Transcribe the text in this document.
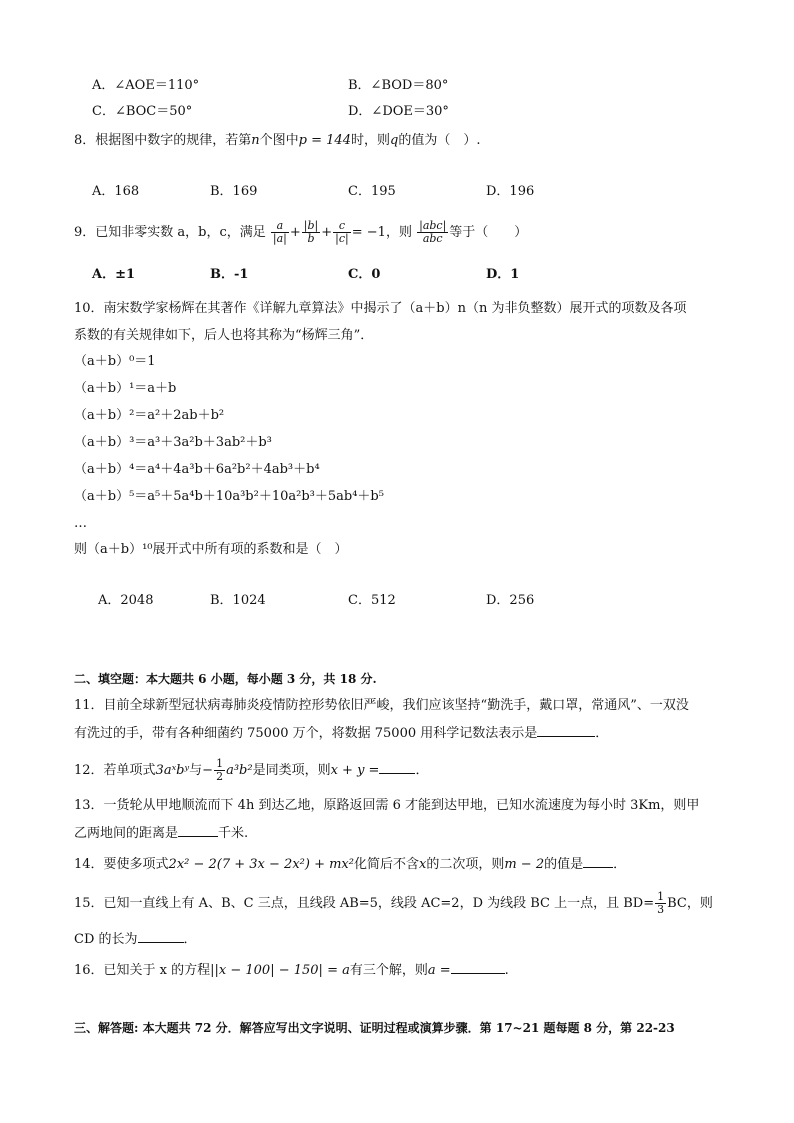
A．∠AOE＝110°	B．∠BOD＝80°
C．∠BOC＝50°	D．∠DOE＝30°
8．根据图中数字的规律，若第n个图中p = 144时，则q的值为（　）.
A．168	B．169	C．195	D．196
9．已知非零实数 a，b，c，满足 $\frac{a}{|a|} + \frac{|b|}{b} + \frac{c}{|c|} = -1$，则 $\frac{\text{|abc|}}{\text{abc}}$ 等于（　　）
A．±1	B．-1	C．0	D．1
10．南宋数学家杨辉在其著作《详解九章算法》中揭示了（a＋b）n（n 为非负整数）展开式的项数及各项
系数的有关规律如下，后人也将其称为“杨辉三角”．
（a＋b）⁰＝1
（a＋b）¹＝a＋b
（a＋b）²＝a²＋2ab＋b²
（a＋b）³＝a³＋3a²b＋3ab²＋b³
（a＋b）⁴＝a⁴＋4a³b＋6a²b²＋4ab³＋b⁴
（a＋b）⁵＝a⁵＋5a⁴b＋10a³b²＋10a²b³＋5ab⁴＋b⁵
…
则（a＋b）¹⁰展开式中所有项的系数和是（　）
A．2048	B．1024	C．512	D．256
二、填空题：本大题共 6 小题，每小题 3 分，共 18 分.
11．目前全球新型冠状病毒肺炎疫情防控形势依旧严峻，我们应该坚持“勤洗手，戴口罩，常通风”、一双没
有洗过的手，带有各种细菌约 75000 万个，将数据 75000 用科学记数法表示是	．
12．若单项式3aˣbʸ与− $\frac{1}{2} a^3b^2$是同类项，则x + y =	．
13．一货轮从甲地顺流而下 4h 到达乙地，原路返回需 6 才能到达甲地，已知水流速度为每小时 3Km，则甲
乙两地间的距离是	千米.
14．要使多项式2x² − 2(7 + 3x − 2x²) + mx²化简后不含x的二次项，则m − 2的值是 ．
15．已知一直线上有 A、B、C 三点，且线段 AB=5，线段 AC=2，D 为线段 BC 上一点，且 $BD= \frac{1}{3}$ BC，则
CD 的长为	．
16．已知关于 x 的方程||x − 100| − 150| = a有三个解，则a =	.
三、解答题: 本大题共 72 分．解答应写出文字说明、证明过程或演算步骤．第 17~21 题每题 8 分，第 22-23
